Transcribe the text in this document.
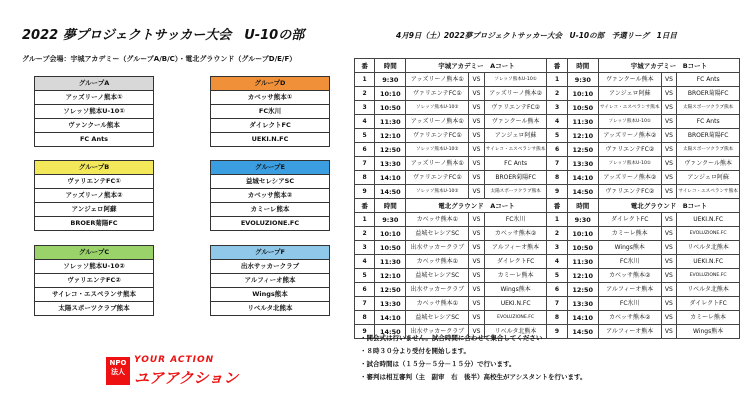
2022 夢プロジェクトサッカー大会　U-10の部
グループ会場：宇城アカデミー（グループA/B/C）・電北グラウンド（グループD/E/F）
4月9日（土）2022夢プロジェクトサッカー大会　U-10の部　予選リーグ　1日目
グループA
アッズリーノ熊本①
ソレッソ熊本U-10①
ヴァンクール熊本
FC Ants
グループB
ヴァリエンテFC①
アッズリーノ熊本②
アンジェロ阿蘇
BROER菊陽FC
グループC
ソレッソ熊本U-10②
ヴァリエンテFC②
サイレコ・エスペランサ熊本
太陽スポーツクラブ熊本
グループD
カベッサ熊本①
FC氷川
ダイレクトFC
UEKI.N.FC
グループE
益城セレシアSC
カベッサ熊本②
カミーレ熊本
EVOLUZIONE.FC
グループF
出水サッカークラブ
アルフィーオ熊本
Wings熊本
リベルタ北熊本
番	時間	宇城アカデミー　Aコート			番	時間	宇城アカデミー　Bコート		
1	9:30	アッズリーノ熊本①	VS	ソレッソ熊本U-10①	1	9:30	ヴァンクール熊本	VS	FC Ants
2	10:10	ヴァリエンテFC①	VS	アッズリーノ熊本②	2	10:10	アンジェロ阿蘇	VS	BROER菊陽FC
3	10:50	ソレッソ熊本U-10②	VS	ヴァリエンテFC②	3	10:50	サイレコ・エスペランサ熊本	VS	太陽スポーツクラブ熊本
4	11:30	アッズリーノ熊本①	VS	ヴァンクール熊本	4	11:30	ソレッソ熊本U-10①	VS	FC Ants
5	12:10	ヴァリエンテFC①	VS	アンジェロ阿蘇	5	12:10	アッズリーノ熊本②	VS	BROER菊陽FC
6	12:50	ソレッソ熊本U-10②	VS	サイレコ・エスペランサ熊本	6	12:50	ヴァリエンテFC②	VS	太陽スポーツクラブ熊本
7	13:30	アッズリーノ熊本①	VS	FC Ants	7	13:30	ソレッソ熊本U-10①	VS	ヴァンクール熊本
8	14:10	ヴァリエンテFC①	VS	BROER菊陽FC	8	14:10	アッズリーノ熊本②	VS	アンジェロ阿蘇
9	14:50	ソレッソ熊本U-10②	VS	太陽スポーツクラブ熊本	9	14:50	ヴァリエンテFC②	VS	サイレコ・エスペランサ熊本
番	時間	電北グラウンド　Aコート			番	時間	電北グラウンド　Bコート		
1	9:30	カベッサ熊本①	VS	FC氷川	1	9:30	ダイレクトFC	VS	UEKI.N.FC
2	10:10	益城セレシアSC	VS	カベッサ熊本②	2	10:10	カミーレ熊本	VS	EVOLUZIONE.FC
3	10:50	出水サッカークラブ	VS	アルフィーオ熊本	3	10:50	Wings熊本	VS	リベルタ北熊本
4	11:30	カベッサ熊本①	VS	ダイレクトFC	4	11:30	FC氷川	VS	UEKI.N.FC
5	12:10	益城セレシアSC	VS	カミーレ熊本	5	12:10	カベッサ熊本②	VS	EVOLUZIONE.FC
6	12:50	出水サッカークラブ	VS	Wings熊本	6	12:50	アルフィーオ熊本	VS	リベルタ北熊本
7	13:30	カベッサ熊本①	VS	UEKI.N.FC	7	13:30	FC氷川	VS	ダイレクトFC
8	14:10	益城セレシアSC	VS	EVOLUZIONE.FC	8	14:10	カベッサ熊本②	VS	カミーレ熊本
9	14:50	出水サッカークラブ	VS	リベルタ北熊本	9	14:50	アルフィーオ熊本	VS	Wings熊本
・開会式は行いません。試合時間に合わせて集合してください
・８時３０分より受付を開始します。
・試合時間は（１５分－５分－１５分）で行います。
・審判は相互審判（主　副审　右　後半）高校生がアシスタントを行います。
NPO
法人
YOUR ACTION
ユアアクション
